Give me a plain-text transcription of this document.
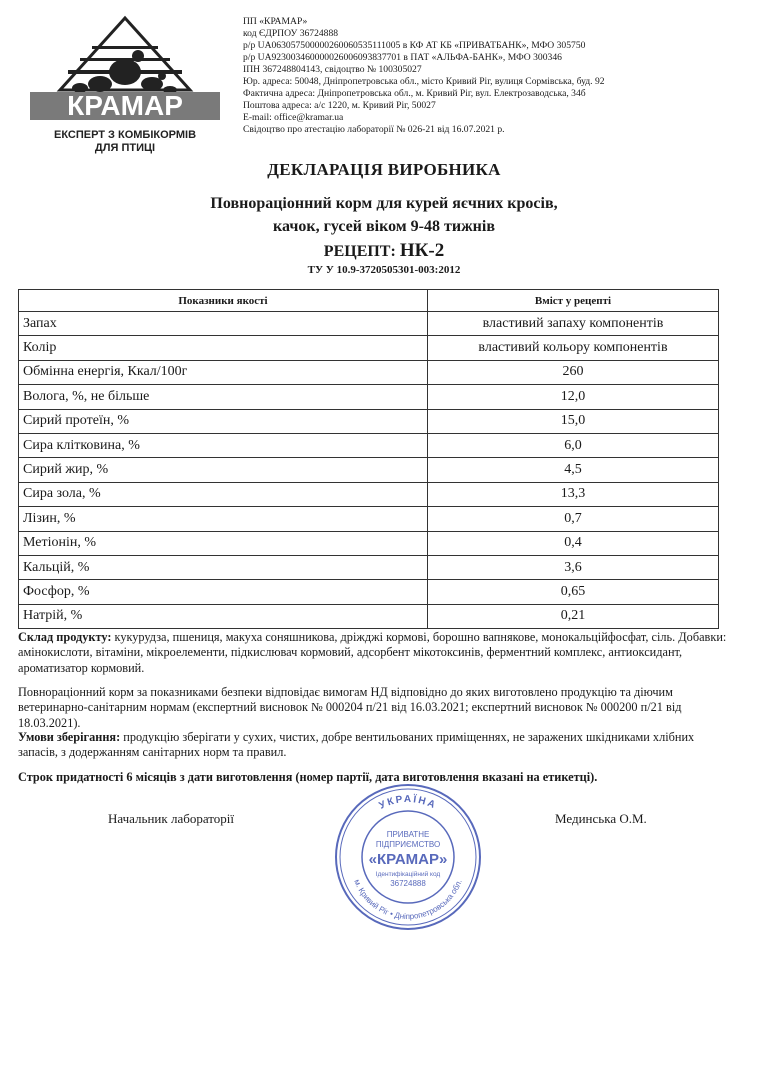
КРАМАР
ЕКСПЕРТ З КОМБІКОРМІВ
ДЛЯ ПТИЦІ
ПП «КРАМАР»
код ЄДРПОУ 36724888
р/р UA063057500000260060535111005 в КФ АТ КБ «ПРИВАТБАНК», МФО 305750
р/р UA923003460000026006093837701 в ПАТ «АЛЬФА-БАНК», МФО 300346
ІПН 367248804143, свідоцтво № 100305027
Юр. адреса: 50048, Дніпропетровська обл., місто Кривий Ріг, вулиця Сормівська, буд. 92
Фактична адреса: Дніпропетровська обл., м. Кривий Ріг, вул. Електрозаводська, 34б
Поштова адреса: а/с 1220, м. Кривий Ріг, 50027
E-mail: office@kramar.ua
Свідоцтво про атестацію лабораторії № 026-21 від 16.07.2021 р.
ДЕКЛАРАЦІЯ ВИРОБНИКА
Повнораціонний корм для курей яєчних кросів,
качок, гусей віком 9-48 тижнів
РЕЦЕПТ: НК-2
ТУ У 10.9-3720505301-003:2012
Показники якості	Вміст у рецепті
Запах	властивий запаху компонентів
Колір	властивий кольору компонентів
Обмінна енергія, Ккал/100г	260
Вологa, %, не більше	12,0
Сирий протеїн, %	15,0
Сира клітковина, %	6,0
Сирий жир, %	4,5
Сира зола, %	13,3
Лізин, %	0,7
Метіонін, %	0,4
Кальцій, %	3,6
Фосфор, %	0,65
Натрій, %	0,21
Склад продукту: кукурудза, пшениця, макуха соняшникова, дріжджі кормові, борошно вапнякове, монокальційфосфат, сіль. Добавки: амінокислоти, вітаміни, мікроелементи, підкислювач кормовий, адсорбент мікотоксинів, ферментний комплекс, антиоксидант, ароматизатор кормовий.
Повнораціонний корм за показниками безпеки відповідає вимогам НД відповідно до яких виготовлено продукцію та діючим ветеринарно-санітарним нормам (експертний висновок № 000204 п/21 від 16.03.2021; експертний висновок № 000200 п/21 від 18.03.2021).
Умови зберігання: продукцію зберігати у сухих, чистих, добре вентильованих приміщеннях, не заражених шкідниками хлібних запасів, з додержанням санітарних норм та правил.
Строк придатності 6 місяців з дати виготовлення (номер партії, дата виготовлення вказані на етикетці).
Начальник лабораторії	Мединська О.М.
УКРАЇНА
м. Кривий Ріг • Дніпропетровська обл.
ПРИВАТНЕ
ПІДПРИЄМСТВО
«КРАМАР»
Ідентифікаційний код
36724888
